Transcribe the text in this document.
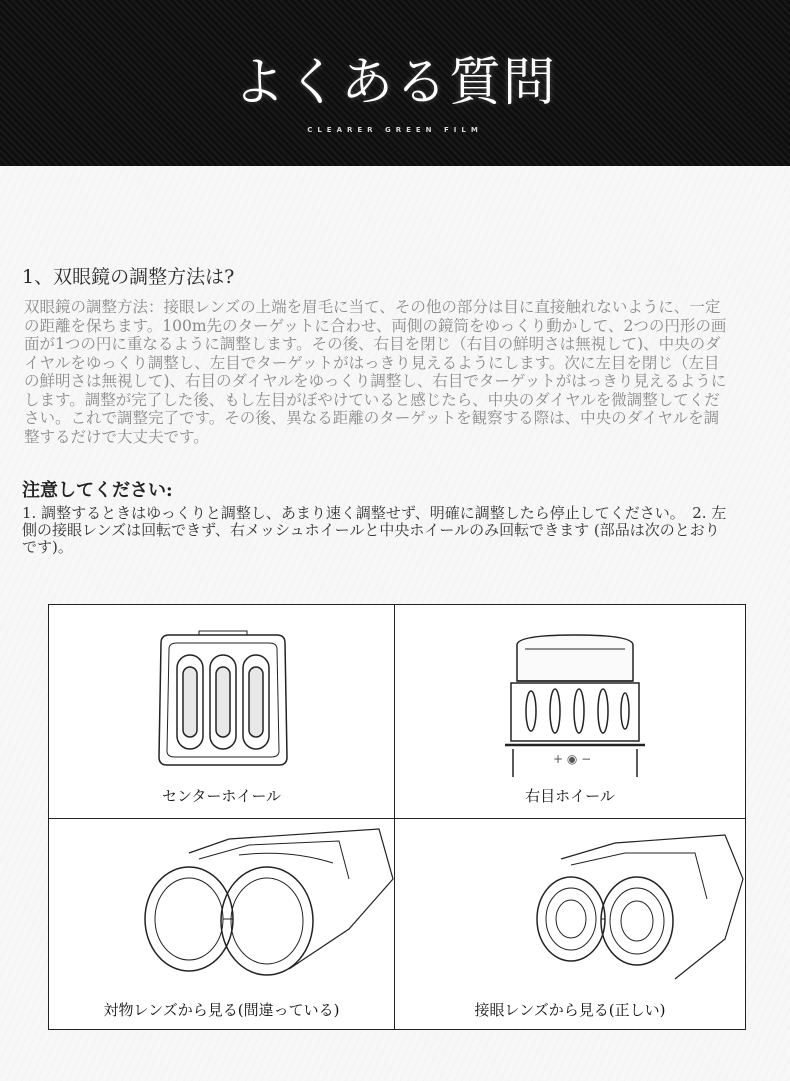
よくある質問
CLEARER GREEN FILM
1、双眼鏡の調整方法は?
双眼鏡の調整方法：接眼レンズの上端を眉毛に当て、その他の部分は目に直接触れないように、一定の距離を保ちます。100m先のターゲットに合わせ、両側の鏡筒をゆっくり動かして、2つの円形の画面が1つの円に重なるように調整します。その後、右目を閉じ（右目の鮮明さは無視して)、中央のダイヤルをゆっくり調整し、左目でターゲットがはっきり見えるようにします。次に左目を閉じ（左目の鮮明さは無視して)、右目のダイヤルをゆっくり調整し、右目でターゲットがはっきり見えるようにします。調整が完了した後、もし左目がぼやけていると感じたら、中央のダイヤルを微調整してください。これで調整完了です。その後、異なる距離のターゲットを観察する際は、中央のダイヤルを調整するだけで大丈夫です。
注意してください:
1. 調整するときはゆっくりと調整し、あまり速く調整せず、明確に調整したら停止してください。　2. 左側の接眼レンズは回転できず、右メッシュホイールと中央ホイールのみ回転できます (部品は次のとおりです)。
センターホイール
+ ◉ −
右目ホイール
対物レンズから見る(間違っている)	接眼レンズから見る(正しい)
